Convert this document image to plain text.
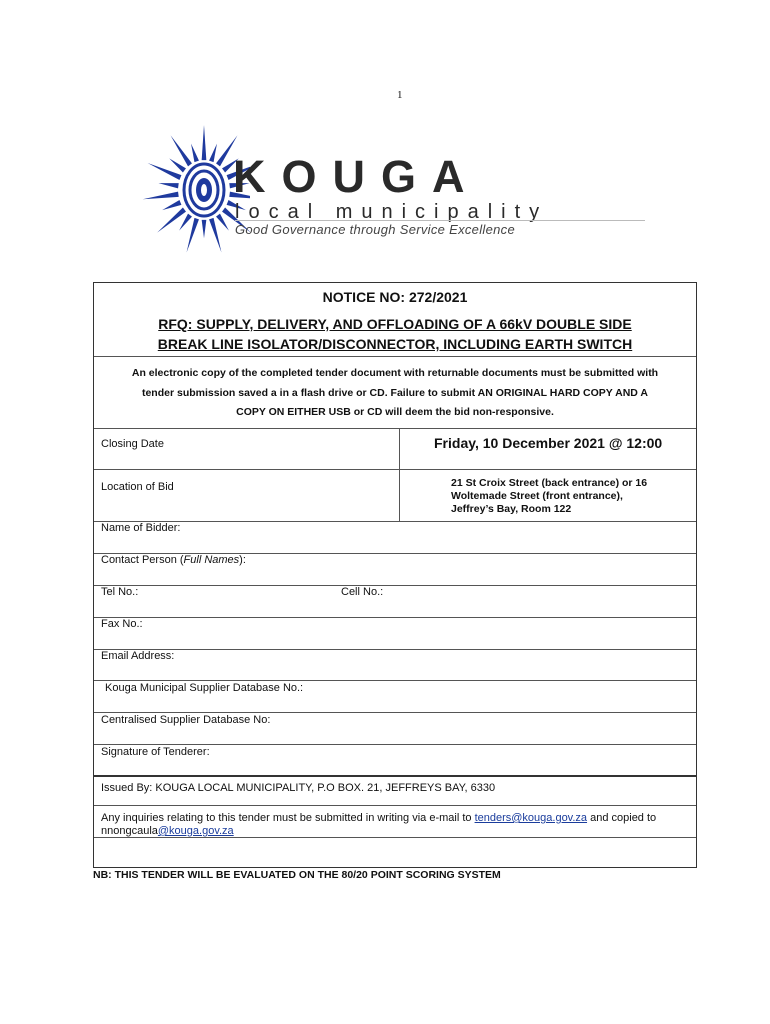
1
KOUGA
local municipality
Good Governance through Service Excellence
NOTICE NO: 272/2021
RFQ: SUPPLY, DELIVERY, AND OFFLOADING OF A 66kV DOUBLE SIDE
BREAK LINE ISOLATOR/DISCONNECTOR, INCLUDING EARTH SWITCH
An electronic copy of the completed tender document with returnable documents must be submitted with
tender submission saved a in a flash drive or CD. Failure to submit AN ORIGINAL HARD COPY AND A
COPY ON EITHER USB or CD will deem the bid non-responsive.
Closing Date	Friday, 10 December 2021 @ 12:00
Location of Bid	21 St Croix Street (back entrance) or 16
Woltemade Street (front entrance),
Jeffrey’s Bay, Room 122
Name of Bidder:
Contact Person (Full Names):
Tel No.:	Cell No.:
Fax No.:
Email Address:
Kouga Municipal Supplier Database No.:
Centralised Supplier Database No:
Signature of Tenderer:
Issued By: KOUGA LOCAL MUNICIPALITY, P.O BOX. 21, JEFFREYS BAY, 6330
Any inquiries relating to this tender must be submitted in writing via e-mail to tenders@kouga.gov.za and copied to
nnongcaula@kouga.gov.za
NB: THIS TENDER WILL BE EVALUATED ON THE 80/20 POINT SCORING SYSTEM
